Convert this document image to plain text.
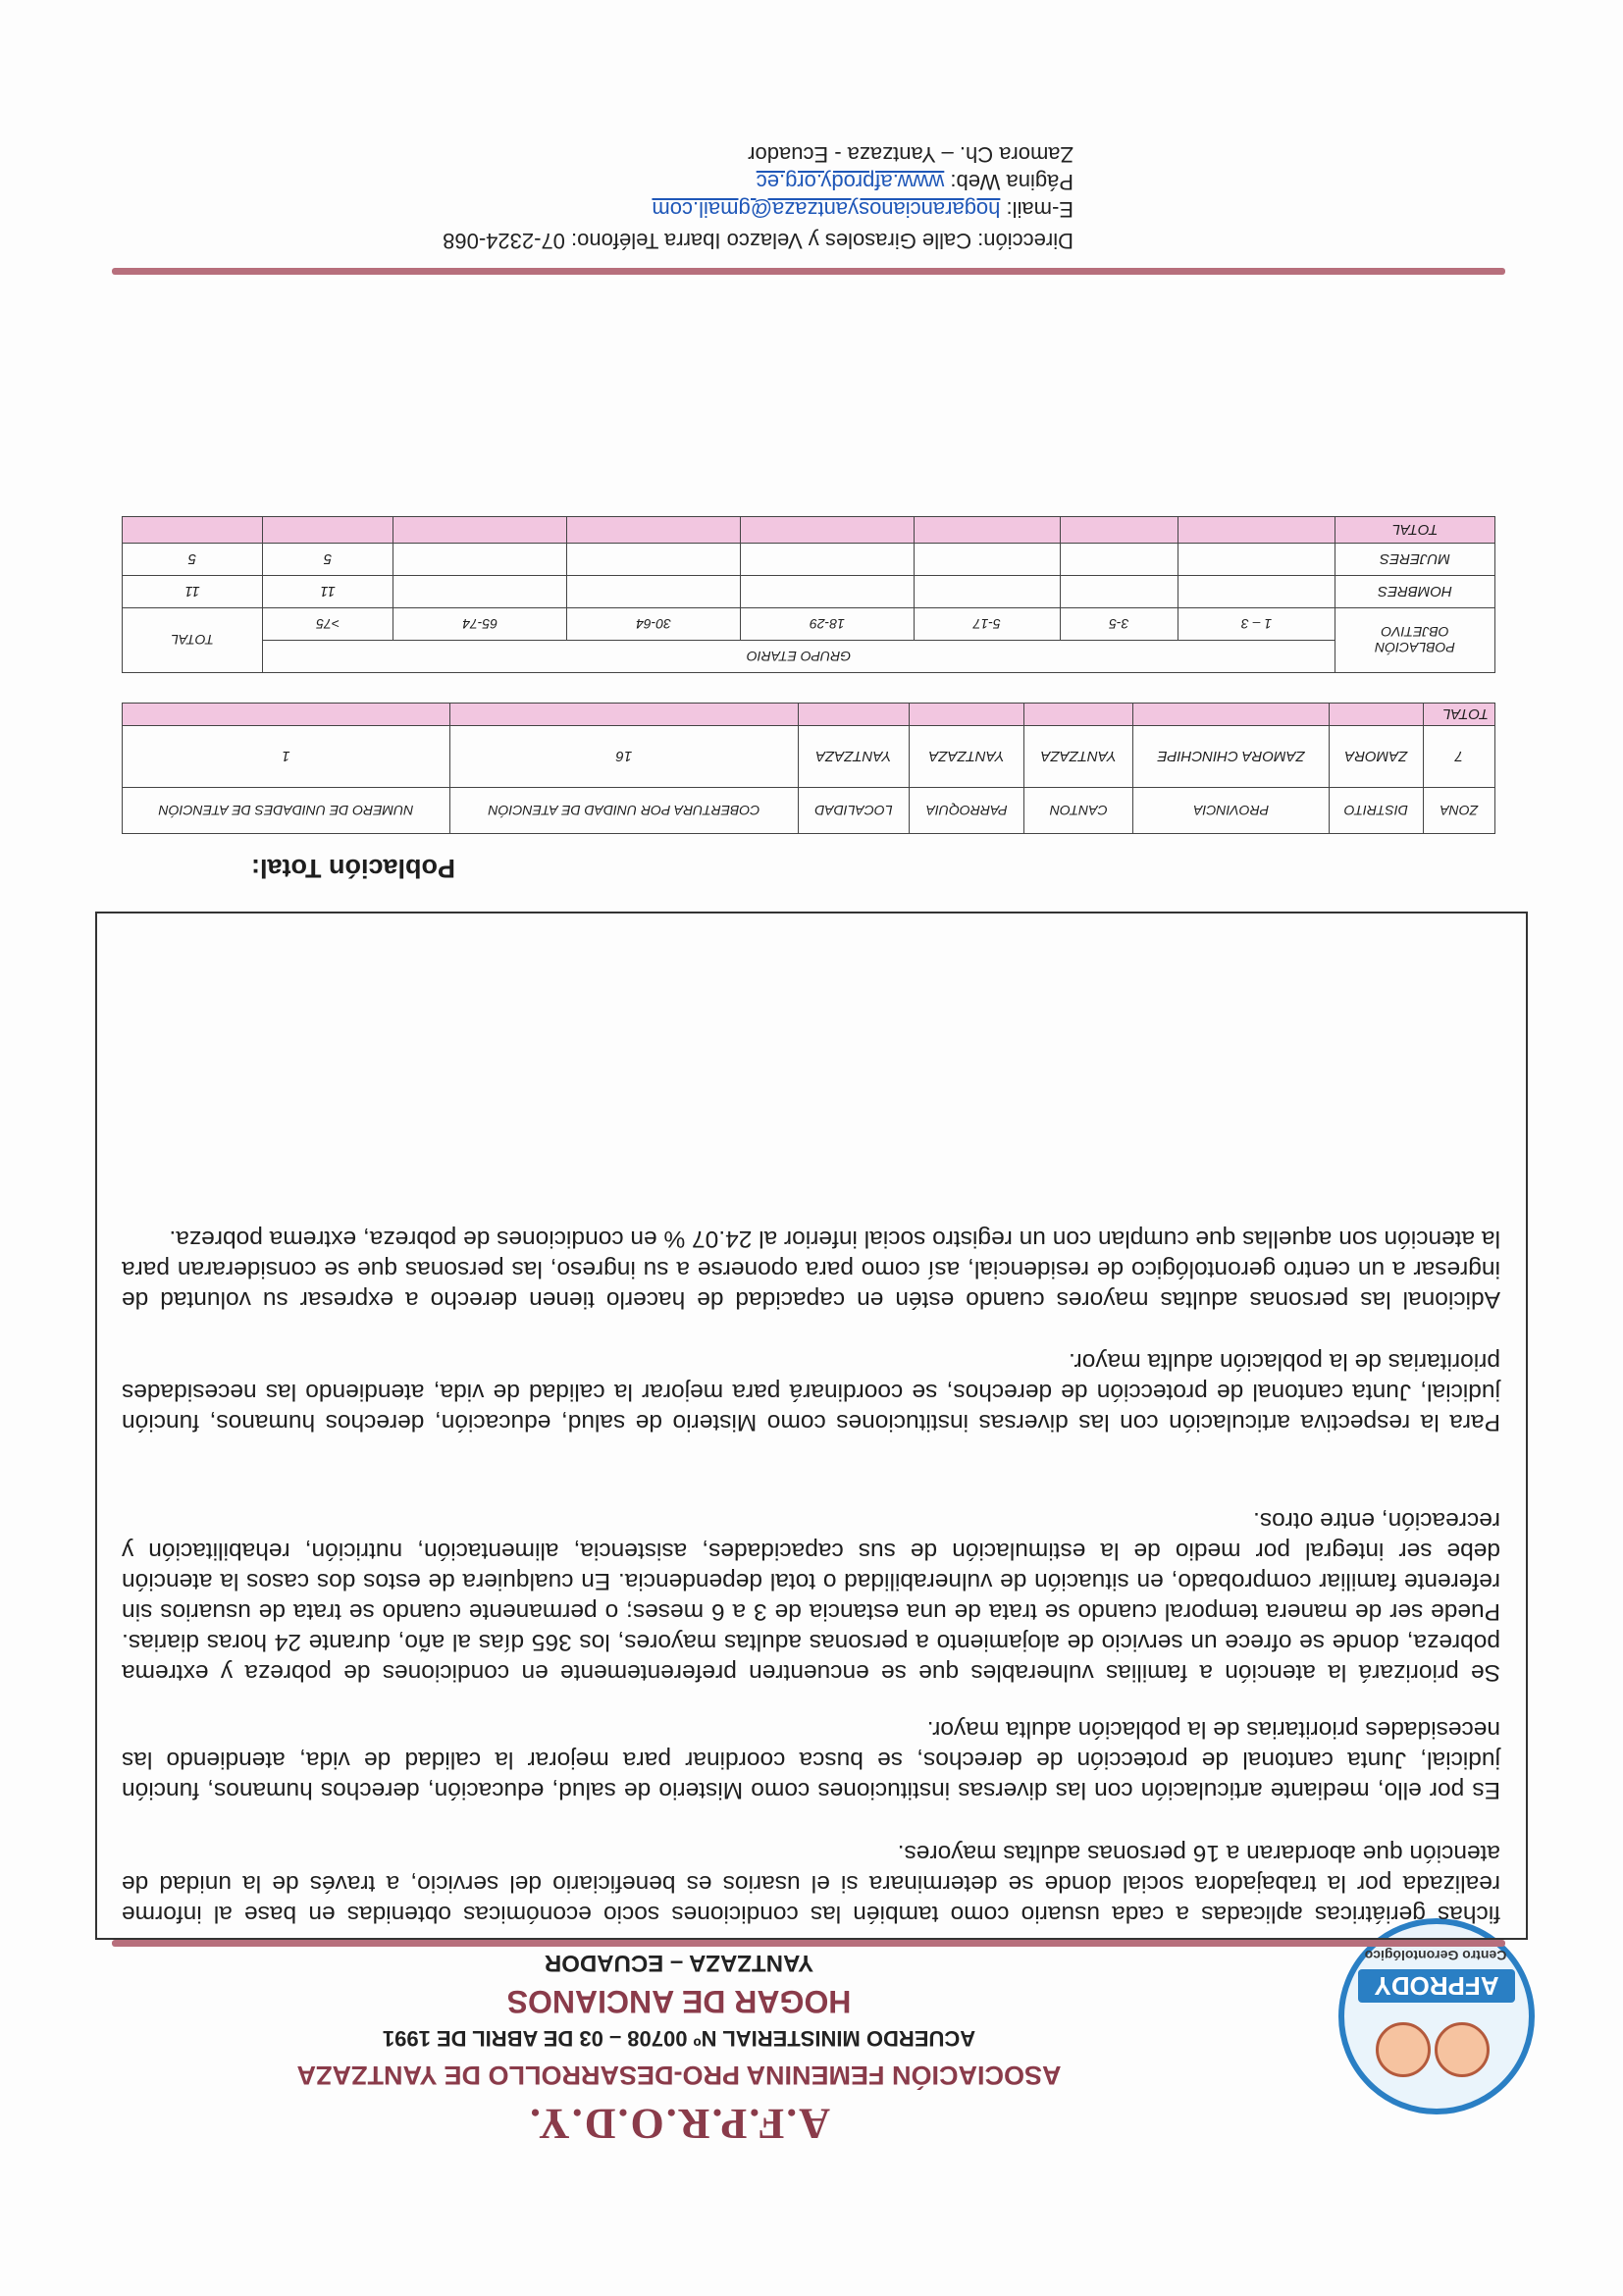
AFPRODY
Centro Gerontológico
A.F.P.R.O.D.Y.
ASOCIACIÓN FEMENINA PRO-DESARROLLO DE YANTZAZA
ACUERDO MINISTERIAL Nº 00708 – 03 DE ABRIL DE 1991
HOGAR DE ANCIANOS
YANTZAZA – ECUADOR

fichas geriátricas aplicadas a cada usuario como también las condiciones socio económicas obtenidas en base al informe realizada por la trabajadora social donde se determinara si el usarios es beneficiario del servicio, a través de la unidad de atención que abordaran a 16 personas adultas mayores.

Es por ello, mediante articulación con las diversas instituciones como Misterio de salud, educación, derechos humanos, función judicial, Junta cantonal de protección de derechos, se busca coordinar para mejorar la calidad de vida, atendiendo las necesidades prioritarias de la población adulta mayor.

Se priorizará la atención a familias vulnerables que se encuentren preferentemente en condiciones de pobreza y extrema pobreza, donde se ofrece un servicio de alojamiento a personas adultas mayores, los 365 días al año, durante 24 horas diarias. Puede ser de manera temporal cuando se trata de una estancia de 3 a 6 meses; o permanente cuando se trata de usuarios sin referente familiar comprobado, en situación de vulnerabilidad o total dependencia. En cualquiera de estos dos casos la atención debe ser integral por medio de la estimulación de sus capacidades, asistencia, alimentación, nutrición, rehabilitación y recreación, entre otros.

Para la respectiva articulación con las diversas instituciones como Misterio de salud, educación, derechos humanos, función judicial, Junta cantonal de protección de derechos, se coordinará para mejorar la calidad de vida, atendiendo las necesidades prioritarias de la población adulta mayor.

Adicional las personas adultas mayores cuando estén en capacidad de hacerlo tienen derecho a expresar su voluntad de ingresar a un centro gerontológico de residencial, así como para oponerse a su ingreso, las personas que se consideraran para la atención son aquellas que cumplan con un registro social inferior al 24.07 % en condiciones de pobreza, extrema pobreza.

Población Total:
ZONA	DISTRITO	PROVINCIA	CANTON	PARROQUIA	LOCALIDAD	COBERTURA POR UNIDAD DE ATENCIÓN	NUMERO DE UNIDADES DE ATENCIÓN
7	ZAMORA	ZAMORA CHINCHIPE	YANTZAZA	YANTZAZA	YANTZAZA	16	1
TOTAL							
POBLACIÓN OBJETIVO	GRUPO ETARIO							TOTAL
	1 – 3	3-5	5-17	18-29	30-64	65-74	>75	
HOMBRES							11	11
MUJERES							5	5
TOTAL								
Dirección: Calle Girasoles y Velazco Ibarra Teléfono: 07-2324-068
E-mail: hogarancianosyantzaza@gmail.com
Página Web: www.afprody.org.ec
Zamora Ch. – Yantzaza - Ecuador
